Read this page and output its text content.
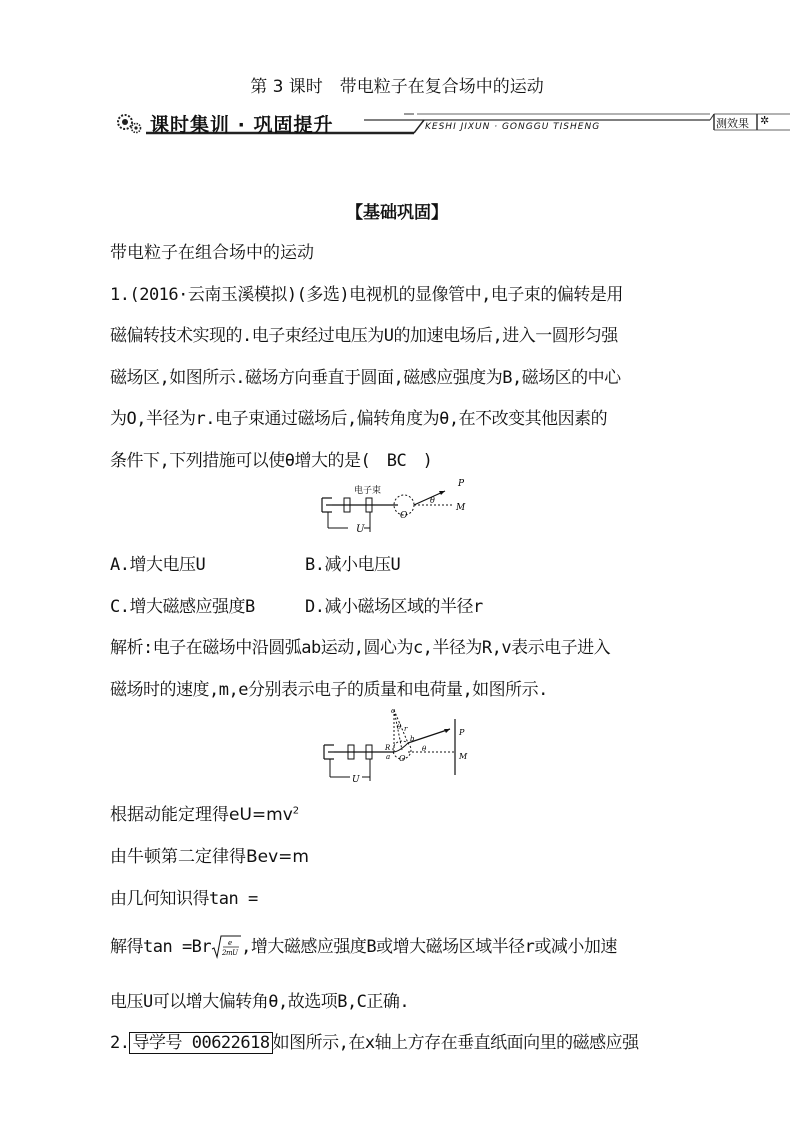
第 3 课时　带电粒子在复合场中的运动
课时集训 · 巩固提升	KESHI JIXUN · GONGGU TISHENG	测效果 ✲
【基础巩固】
带电粒子在组合场中的运动
1.(2016·云南玉溪模拟)(多选)电视机的显像管中,电子束的偏转是用
磁偏转技术实现的.电子束经过电压为U的加速电场后,进入一圆形匀强
磁场区,如图所示.磁场方向垂直于圆面,磁感应强度为B,磁场区的中心
为O,半径为r.电子束通过磁场后,偏转角度为θ,在不改变其他因素的
条件下,下列措施可以使θ增大的是(　BC　)
U
电子束
O
P
M
θ
A.增大电压U	B.减小电压U
C.增大磁感应强度B	D.减小磁场区域的半径r
解析:电子在磁场中沿圆弧ab运动,圆心为c,半径为R,v表示电子进入
磁场时的速度,m,e分别表示电子的质量和电荷量,如图所示.
U
c
r
R
b
a O
θ
θ
P
M
根据动能定理得$eU=mv^2$
由牛顿第二定律得Bev=m
由几何知识得tan =
解得tan =Br e
2mU ,增大磁感应强度B或增大磁场区域半径r或减小加速
电压U可以增大偏转角θ,故选项B,C正确.
2. 导学号 00622618 如图所示,在x轴上方存在垂直纸面向里的磁感应强
